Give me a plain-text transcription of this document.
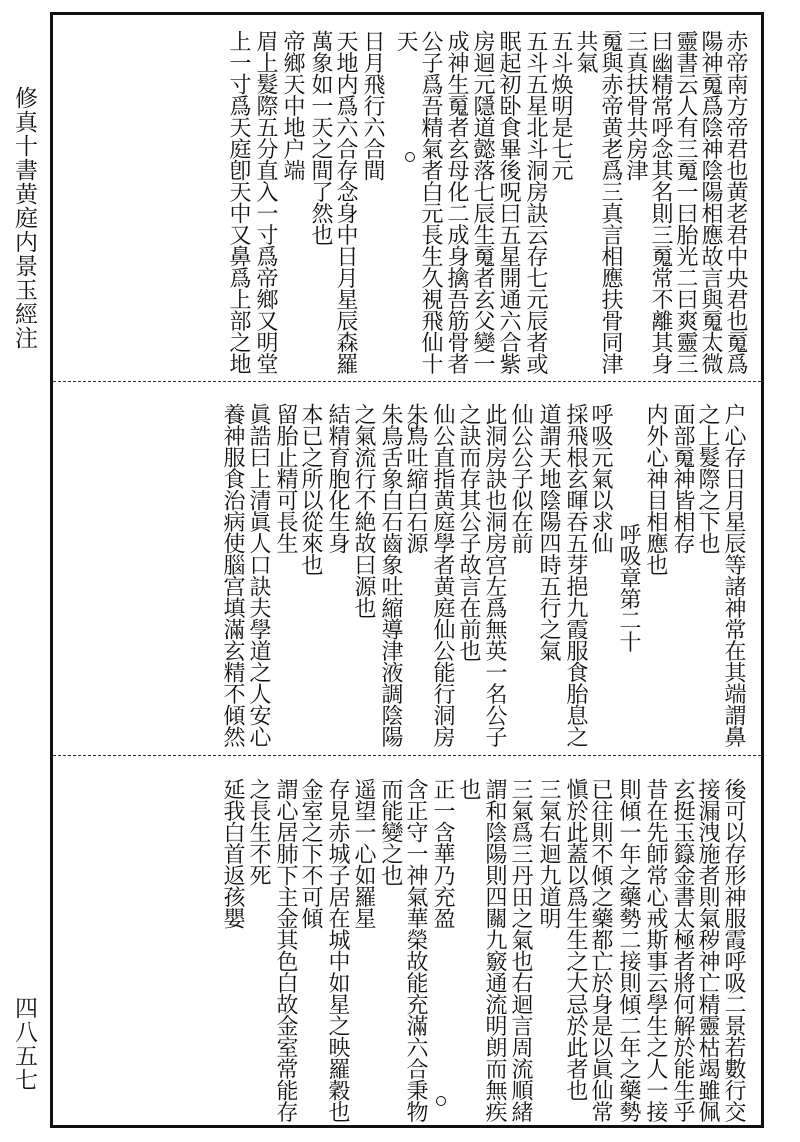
修真十書黄庭内景玉經注
四八五七
赤帝南方帝君也黄老君中央君也䰟爲
陽神䰟爲陰神陰陽相應故言與䰟太微
靈書云人有三䰟一曰胎光二曰爽靈三
曰幽精常呼念其名則三䰟常不離其身
三真扶骨共房津
䰟與赤帝黄老爲三真言相應扶骨同津
共氣
五斗焕明是七元
五斗五星北斗洞房訣云存七元辰者或
眠起初卧食畢後呪曰五星開通六合紫
房迴元隱道懿落七辰生䰟者玄父變一
成神生䰟者玄母化二成身擒吾筋骨者
公子爲吾精氣者白元長生久視飛仙十
天
日月飛行六合間
天地内爲六合存念身中日月星辰森羅
萬象如一天之間了然也
帝鄉天中地户端
眉上髮際五分直入一寸爲帝鄉又明堂
上一寸爲天庭卽天中又鼻爲上部之地
户心存日月星辰等諸神常在其端謂鼻
之上髮際之下也
面部䰟神皆相存
内外心神目相應也
呼吸章第二十
呼吸元氣以求仙
採飛根玄暉吞五芽挹九霞服食胎息之
道謂天地陰陽四時五行之氣
仙公公子似在前
此洞房訣也洞房宫左爲無英一名公子
之訣而存其公子故言在前也
仙公直指黄庭學者黄庭仙公能行洞房
朱鳥吐縮白石源
朱鳥舌象白石齒象吐縮導津液調陰陽
之氣流行不絶故曰源也
結精育胞化生身
本已之所以從來也
留胎止精可長生
眞誥曰上清眞人口訣夫學道之人安心
養神服食治病使腦宫填滿玄精不傾然
後可以存形神服霞呼吸二景若數行交
接漏洩施者則氣秽神亡精靈枯竭雖佩
玄挺玉籙金書太極者將何解於能生乎
昔在先師常心戒斯事云學生之人一接
則傾一年之藥勢二接則傾二年之藥勢
已往則不傾之藥都亡於身是以眞仙常
愼於此蓋以爲生生之大忌於此者也
三氣右迴九道明
三氣爲三丹田之氣也右迴言周流順緒
謂和陰陽則四關九竅通流明朗而無疾
也
正一含華乃充盈
含正守一神氣華榮故能充滿六合秉物
而能變之也
遥望一心如羅星
存見赤城子居在城中如星之映羅穀也
金室之下不可傾
謂心居肺下主金其色白故金室常能存
之長生不死
延我白首返孩嬰
